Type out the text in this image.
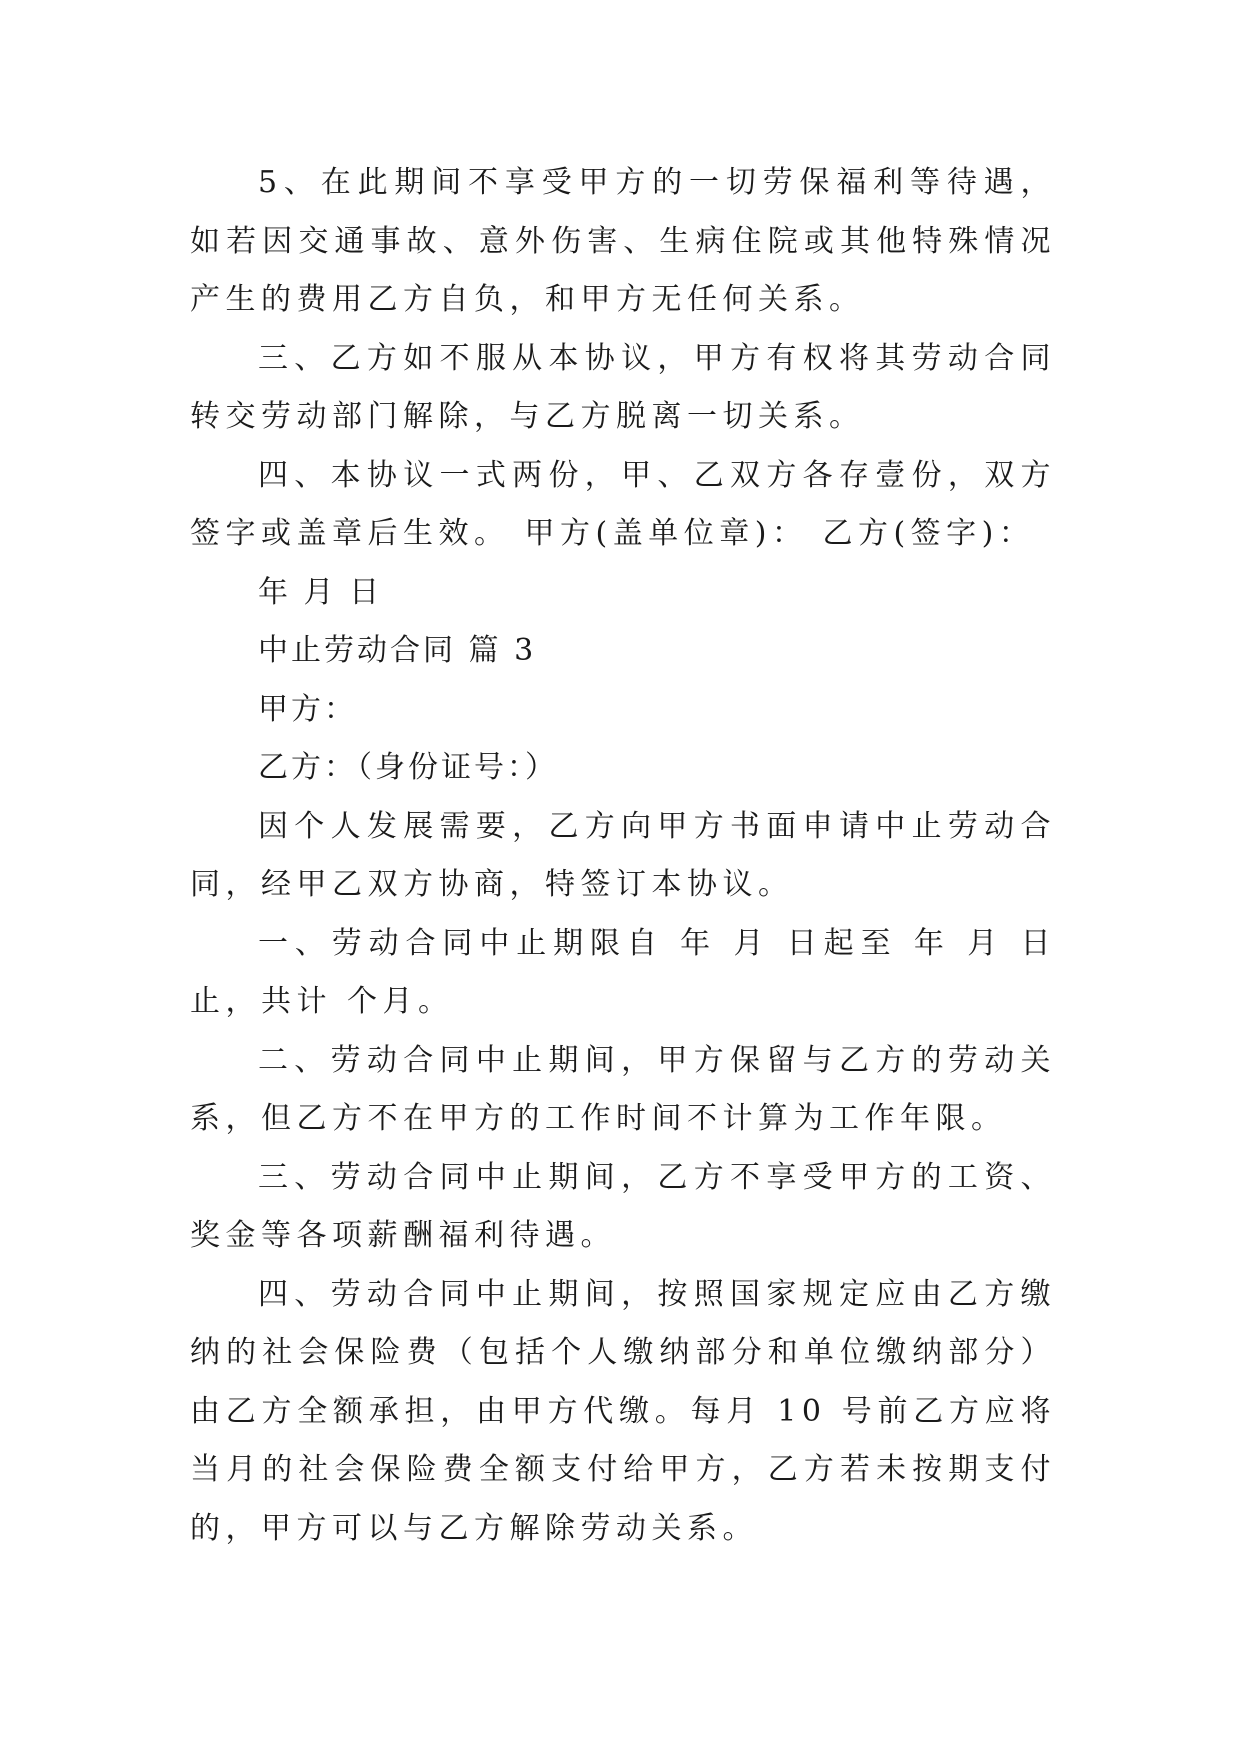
5、在此期间不享受甲方的一切劳保福利等待遇，如若因交通事故、意外伤害、生病住院或其他特殊情况产生的费用乙方自负，和甲方无任何关系。

三、乙方如不服从本协议，甲方有权将其劳动合同转交劳动部门解除，与乙方脱离一切关系。

四、本协议一式两份，甲、乙双方各存壹份，双方签字或盖章后生效。 甲方(盖单位章)： 乙方(签字)：

年 月 日

中止劳动合同 篇 3

甲方：

乙方：（身份证号：）

因个人发展需要，乙方向甲方书面申请中止劳动合同，经甲乙双方协商，特签订本协议。

一、劳动合同中止期限自 年 月 日起至 年 月 日止，共计 个月。

二、劳动合同中止期间，甲方保留与乙方的劳动关系，但乙方不在甲方的工作时间不计算为工作年限。

三、劳动合同中止期间，乙方不享受甲方的工资、奖金等各项薪酬福利待遇。

四、劳动合同中止期间，按照国家规定应由乙方缴纳的社会保险费（包括个人缴纳部分和单位缴纳部分）由乙方全额承担，由甲方代缴。每月 10 号前乙方应将当月的社会保险费全额支付给甲方，乙方若未按期支付的，甲方可以与乙方解除劳动关系。
